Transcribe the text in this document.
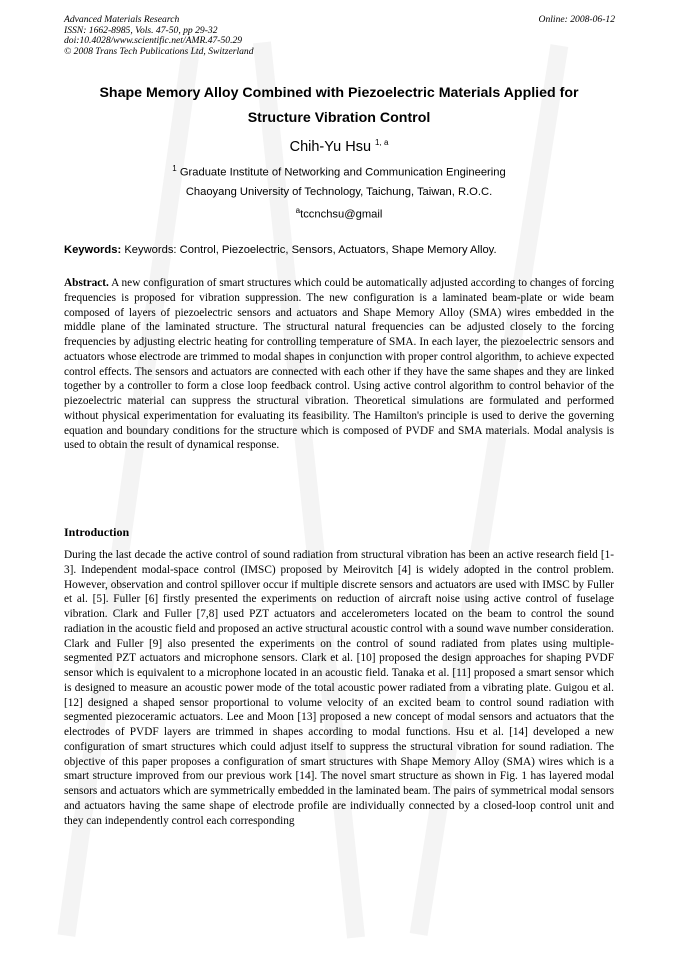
Advanced Materials Research
ISSN: 1662-8985, Vols. 47-50, pp 29-32
doi:10.4028/www.scientific.net/AMR.47-50.29
© 2008 Trans Tech Publications Ltd, Switzerland
Online: 2008-06-12
Shape Memory Alloy Combined with Piezoelectric Materials Applied for
Structure Vibration Control
Chih-Yu Hsu $^{1, a}$
$^1$ Graduate Institute of Networking and Communication Engineering
Chaoyang University of Technology, Taichung, Taiwan, R.O.C.
$^a$tccnchsu@gmail
Keywords: Keywords: Control, Piezoelectric, Sensors, Actuators, Shape Memory Alloy.
Abstract. A new configuration of smart structures which could be automatically adjusted according to changes of forcing frequencies is proposed for vibration suppression. The new configuration is a laminated beam-plate or wide beam composed of layers of piezoelectric sensors and actuators and Shape Memory Alloy (SMA) wires embedded in the middle plane of the laminated structure. The structural natural frequencies can be adjusted closely to the forcing frequencies by adjusting electric heating for controlling temperature of SMA. In each layer, the piezoelectric sensors and actuators whose electrode are trimmed to modal shapes in conjunction with proper control algorithm, to achieve expected control effects. The sensors and actuators are connected with each other if they have the same shapes and they are linked together by a controller to form a close loop feedback control. Using active control algorithm to control behavior of the piezoelectric material can suppress the structural vibration. Theoretical simulations are formulated and performed without physical experimentation for evaluating its feasibility. The Hamilton's principle is used to derive the governing equation and boundary conditions for the structure which is composed of PVDF and SMA materials. Modal analysis is used to obtain the result of dynamical response.
Introduction
During the last decade the active control of sound radiation from structural vibration has been an active research field [1-3]. Independent modal-space control (IMSC) proposed by Meirovitch [4] is widely adopted in the control problem. However, observation and control spillover occur if multiple discrete sensors and actuators are used with IMSC by Fuller et al. [5]. Fuller [6] firstly presented the experiments on reduction of aircraft noise using active control of fuselage vibration. Clark and Fuller [7,8] used PZT actuators and accelerometers located on the beam to control the sound radiation in the acoustic field and proposed an active structural acoustic control with a sound wave number consideration. Clark and Fuller [9] also presented the experiments on the control of sound radiated from plates using multiple-segmented PZT actuators and microphone sensors. Clark et al. [10] proposed the design approaches for shaping PVDF sensor which is equivalent to a microphone located in an acoustic field. Tanaka et al. [11] proposed a smart sensor which is designed to measure an acoustic power mode of the total acoustic power radiated from a vibrating plate. Guigou et al. [12] designed a shaped sensor proportional to volume velocity of an excited beam to control sound radiation with segmented piezoceramic actuators. Lee and Moon [13] proposed a new concept of modal sensors and actuators that the electrodes of PVDF layers are trimmed in shapes according to modal functions. Hsu et al. [14] developed a new configuration of smart structures which could adjust itself to suppress the structural vibration for sound radiation. The objective of this paper proposes a configuration of smart structures with Shape Memory Alloy (SMA) wires which is a smart structure improved from our previous work [14]. The novel smart structure as shown in Fig. 1 has layered modal sensors and actuators which are symmetrically embedded in the laminated beam. The pairs of symmetrical modal sensors and actuators having the same shape of electrode profile are individually connected by a closed-loop control unit and they can independently control each corresponding
